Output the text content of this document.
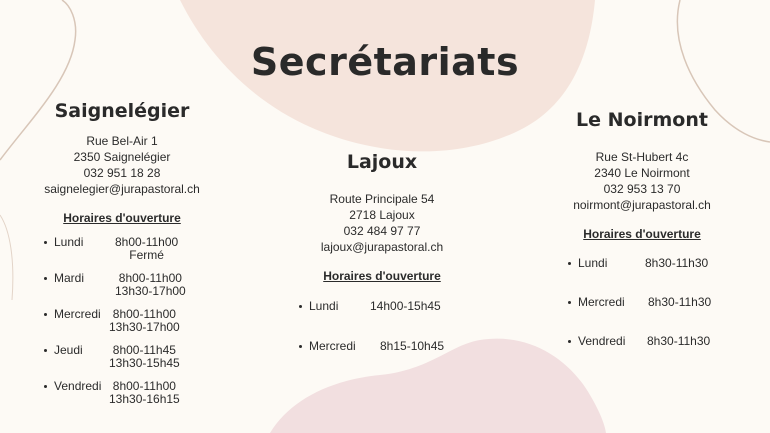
Secrétariats
Saignelégier
Rue Bel-Air 1
2350 Saignelégier
032 951 18 28
saignelegier@jurapastoral.ch
Horaires d'ouverture
Lundi	8h00-11h00
Fermé
Mardi	8h00-11h00
13h30-17h00
Mercredi	8h00-11h00
13h30-17h00
Jeudi	8h00-11h45
13h30-15h45
Vendredi 8h00-11h00
13h30-16h15
Lajoux
Route Principale 54
2718 Lajoux
032 484 97 77
lajoux@jurapastoral.ch
Horaires d'ouverture
Lundi	14h00-15h45
Mercredi 8h15-10h45
Le Noirmont
Rue St-Hubert 4c
2340 Le Noirmont
032 953 13 70
noirmont@jurapastoral.ch
Horaires d'ouverture
Lundi	8h30-11h30
Mercredi 8h30-11h30
Vendredi 8h30-11h30
